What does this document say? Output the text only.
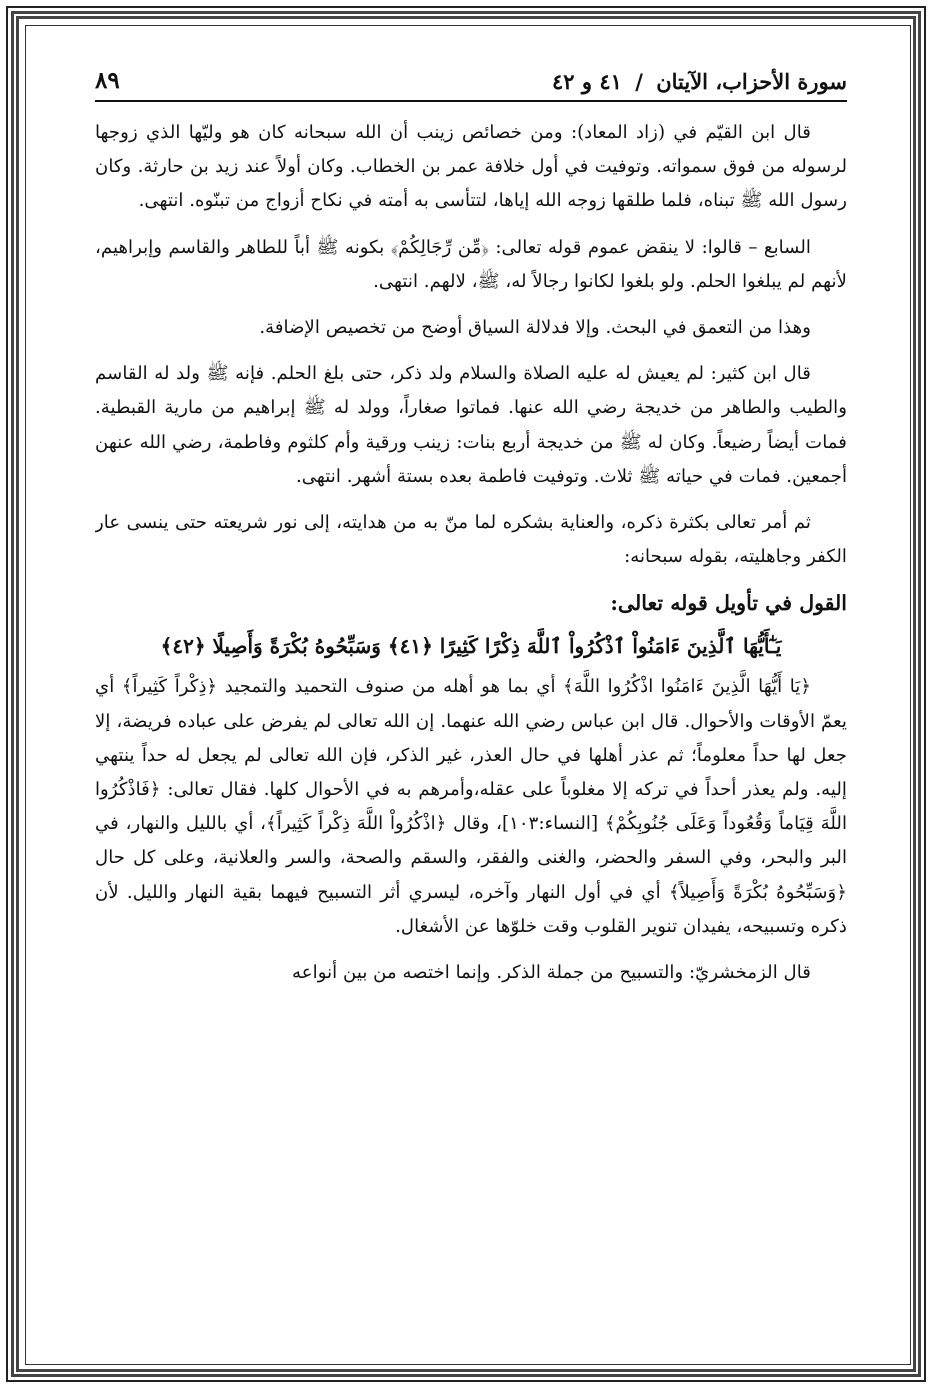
سورة الأحزاب، الآيتان / ٤١ و ٤٢
٨٩

قال ابن القيّم في (زاد المعاد): ومن خصائص زينب أن الله سبحانه كان هو وليّها الذي زوجها لرسوله من فوق سمواته. وتوفيت في أول خلافة عمر بن الخطاب. وكان أولاً عند زيد بن حارثة. وكان رسول الله ﷺ تبناه، فلما طلقها زوجه الله إياها، لتتأسى به أمته في نكاح أزواج من تبنّوه. انتهى.

السابع – قالوا: لا ينقض عموم قوله تعالى: ﴿مِّن رِّجَالِكُمْ﴾ بكونه ﷺ أباً للطاهر والقاسم وإبراهيم، لأنهم لم يبلغوا الحلم. ولو بلغوا لكانوا رجالاً له، ﷺ، لالهم. انتهى.

وهذا من التعمق في البحث. وإلا فدلالة السياق أوضح من تخصيص الإضافة.

قال ابن كثير: لم يعيش له عليه الصلاة والسلام ولد ذكر، حتى بلغ الحلم. فإنه ﷺ ولد له القاسم والطيب والطاهر من خديجة رضي الله عنها. فماتوا صغاراً، وولد له ﷺ إبراهيم من مارية القبطية. فمات أيضاً رضيعاً. وكان له ﷺ من خديجة أربع بنات: زينب ورقية وأم كلثوم وفاطمة، رضي الله عنهن أجمعين. فمات في حياته ﷺ ثلاث. وتوفيت فاطمة بعده بستة أشهر. انتهى.

ثم أمر تعالى بكثرة ذكره، والعناية بشكره لما منّ به من هدايته، إلى نور شريعته حتى ينسى عار الكفر وجاهليته، بقوله سبحانه:

القول في تأويل قوله تعالى:
يَـٰٓأَيُّهَا ٱلَّذِينَ ءَامَنُواْ ٱذْكُرُواْ ٱللَّهَ ذِكْرًا كَثِيرًا ﴿٤١﴾ وَسَبِّحُوهُ بُكْرَةً وَأَصِيلًا ﴿٤٢﴾

﴿يَا أَيُّهَا الَّذِينَ ءَامَنُوا اذْكُرُوا اللَّهَ﴾ أي بما هو أهله من صنوف التحميد والتمجيد ﴿ذِكْراً كَثِيراً﴾ أي يعمّ الأوقات والأحوال. قال ابن عباس رضي الله عنهما. إن الله تعالى لم يفرض على عباده فريضة، إلا جعل لها حداً معلوماً؛ ثم عذر أهلها في حال العذر، غير الذكر، فإن الله تعالى لم يجعل له حداً ينتهي إليه. ولم يعذر أحداً في تركه إلا مغلوباً على عقله،وأمرهم به في الأحوال كلها. فقال تعالى: ﴿فَاذْكُرُوا اللَّهَ قِيَاماً وَقُعُوداً وَعَلَى جُنُوبِكُمْ﴾ [النساء:١٠٣]، وقال ﴿اذْكُرُواْ اللَّهَ ذِكْراً كَثِيراً﴾، أي بالليل والنهار، في البر والبحر، وفي السفر والحضر، والغنى والفقر، والسقم والصحة، والسر والعلانية، وعلى كل حال ﴿وَسَبِّحُوهُ بُكْرَةً وَأَصِيلاً﴾ أي في أول النهار وآخره، ليسري أثر التسبيح فيهما بقية النهار والليل. لأن ذكره وتسبيحه، يفيدان تنوير القلوب وقت خلوّها عن الأشغال.

قال الزمخشريّ: والتسبيح من جملة الذكر. وإنما اختصه من بين أنواعه
